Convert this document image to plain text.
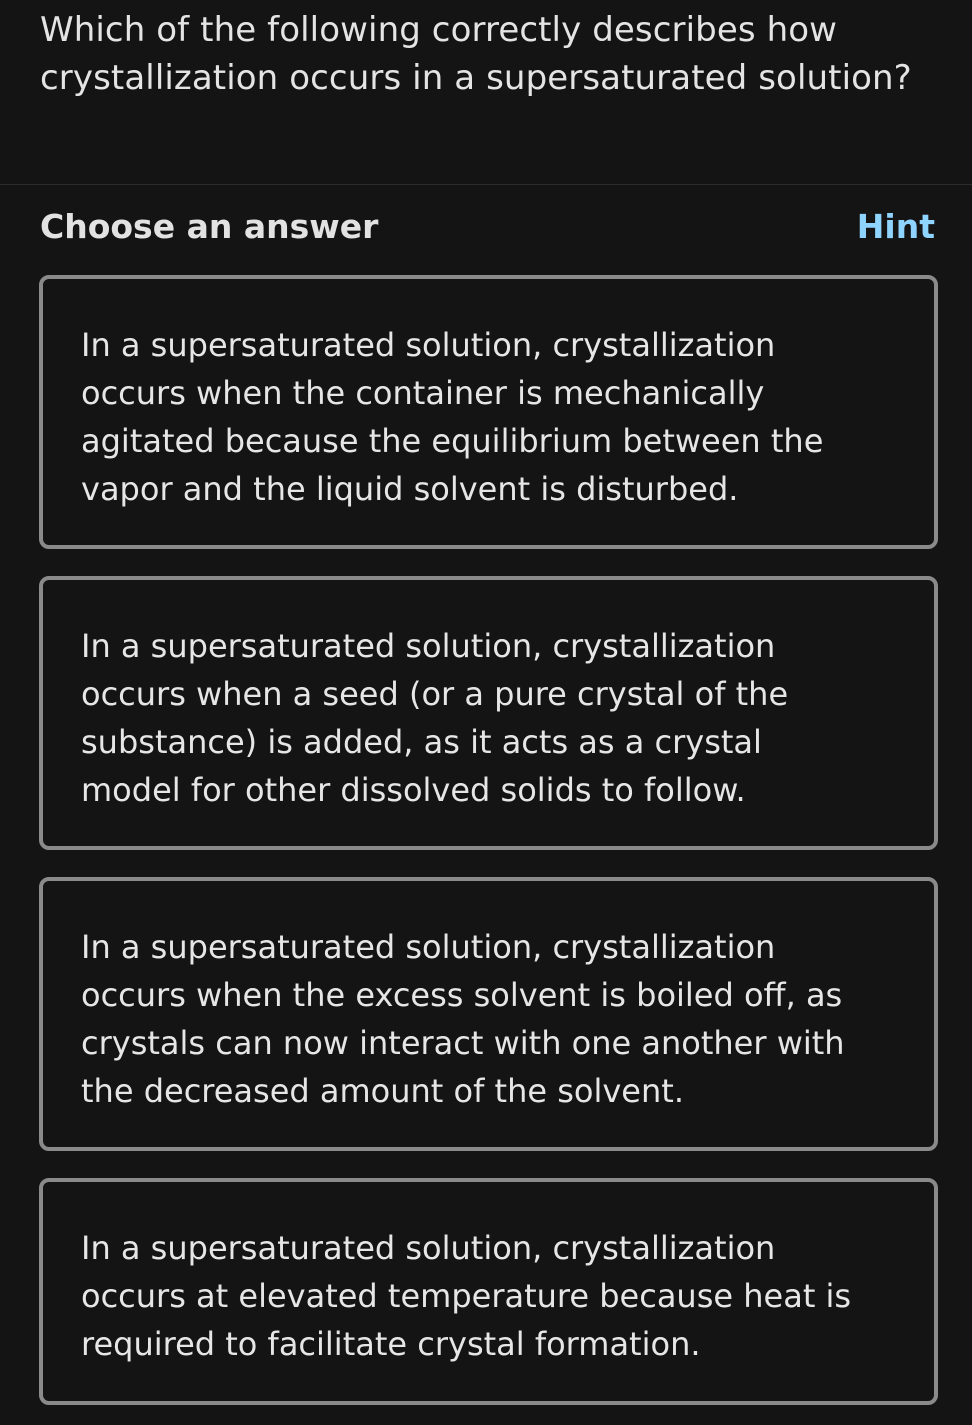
Which of the following correctly describes how crystallization occurs in a supersaturated solution?
Choose an answer	Hint
In a supersaturated solution, crystallization occurs when the container is mechanically agitated because the equilibrium between the vapor and the liquid solvent is disturbed.
In a supersaturated solution, crystallization occurs when a seed (or a pure crystal of the substance) is added, as it acts as a crystal model for other dissolved solids to follow.
In a supersaturated solution, crystallization occurs when the excess solvent is boiled off, as crystals can now interact with one another with the decreased amount of the solvent.
In a supersaturated solution, crystallization occurs at elevated temperature because heat is required to facilitate crystal formation.
